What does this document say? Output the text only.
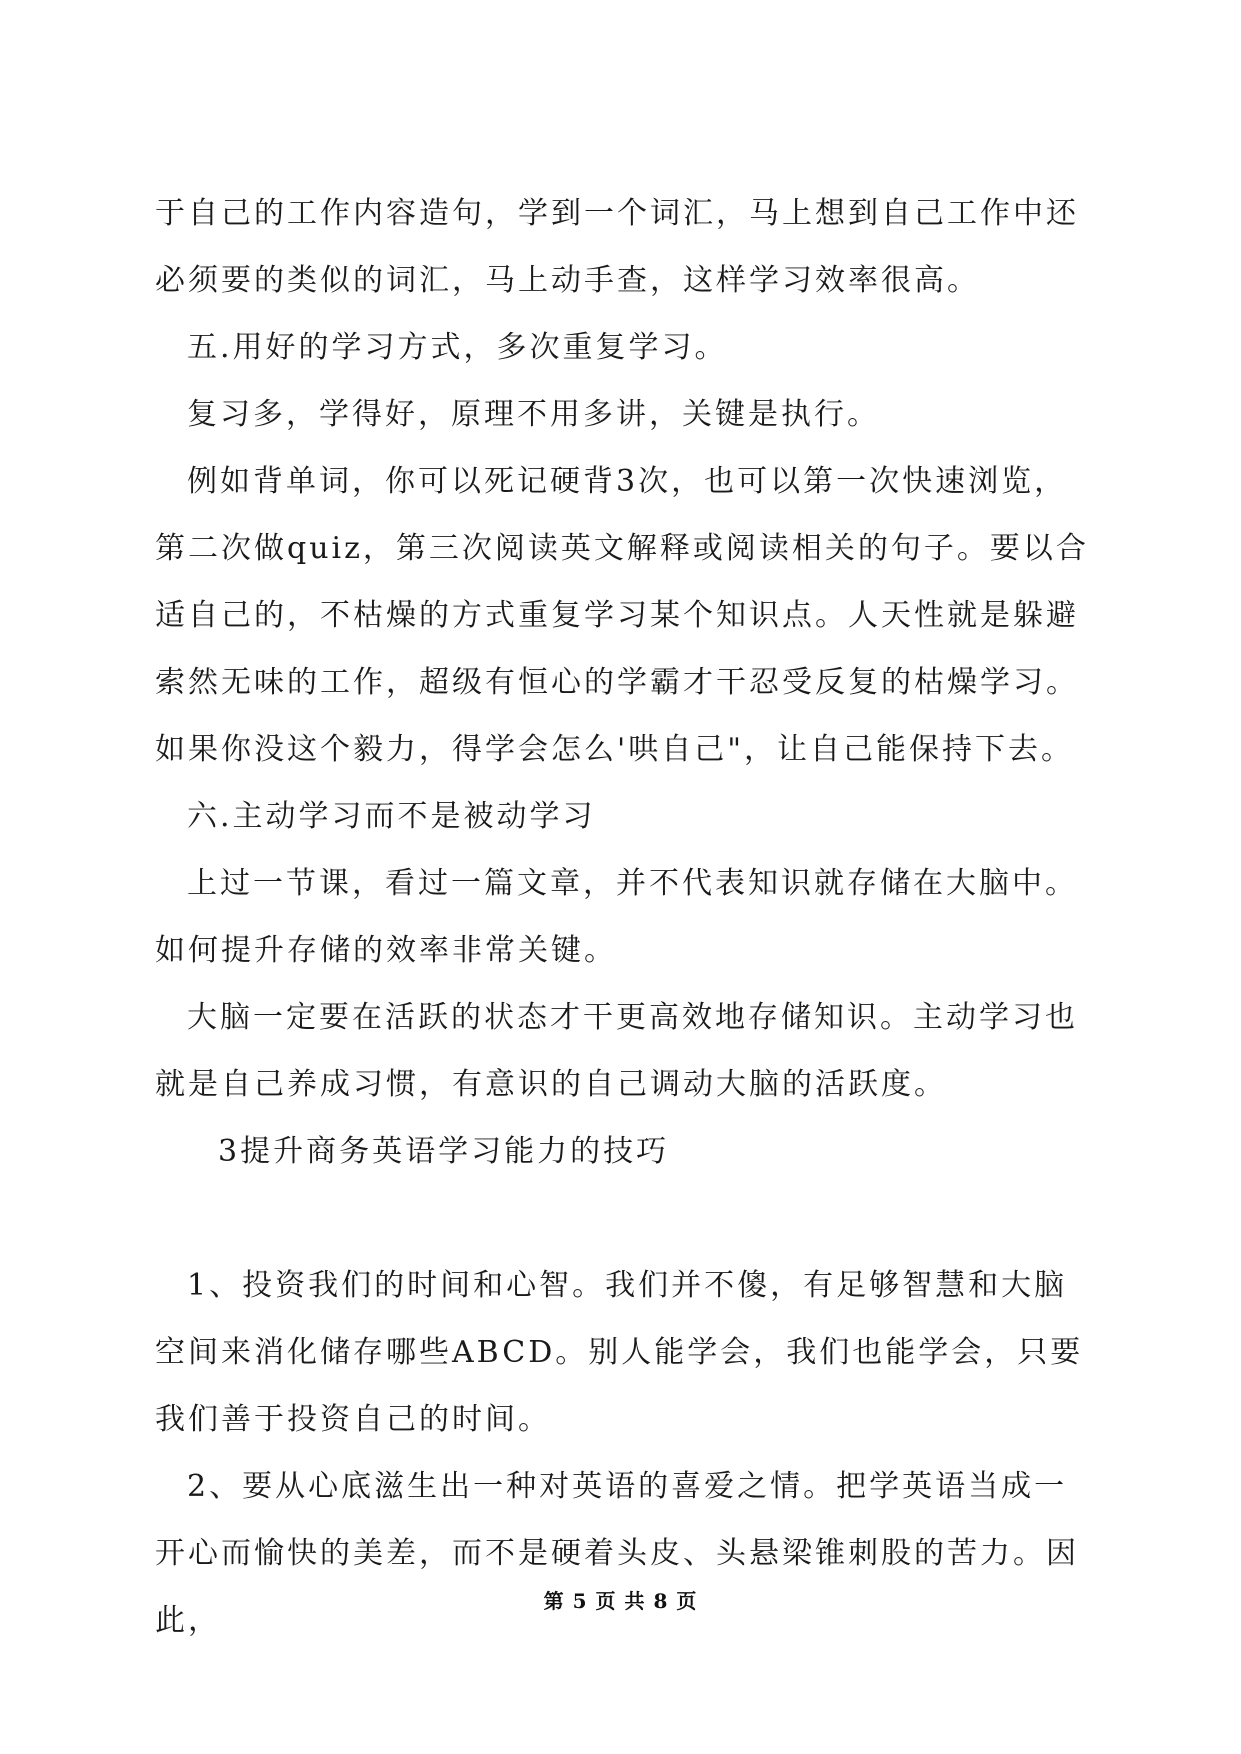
于自己的工作内容造句，学到一个词汇，马上想到自己工作中还必须要的类似的词汇，马上动手查，这样学习效率很高。

五.用好的学习方式，多次重复学习。

复习多，学得好，原理不用多讲，关键是执行。

例如背单词，你可以死记硬背3次，也可以第一次快速浏览，第二次做quiz，第三次阅读英文解释或阅读相关的句子。要以合适自己的，不枯燥的方式重复学习某个知识点。人天性就是躲避索然无味的工作，超级有恒心的学霸才干忍受反复的枯燥学习。如果你没这个毅力，得学会怎么'哄自己"，让自己能保持下去。

六.主动学习而不是被动学习

上过一节课，看过一篇文章，并不代表知识就存储在大脑中。如何提升存储的效率非常关键。

大脑一定要在活跃的状态才干更高效地存储知识。主动学习也就是自己养成习惯，有意识的自己调动大脑的活跃度。

3提升商务英语学习能力的技巧

1、投资我们的时间和心智。我们并不傻，有足够智慧和大脑空间来消化储存哪些ABCD。别人能学会，我们也能学会，只要我们善于投资自己的时间。

2、要从心底滋生出一种对英语的喜爱之情。把学英语当成一开心而愉快的美差，而不是硬着头皮、头悬梁锥刺股的苦力。因此，

第 5 页 共 8 页
